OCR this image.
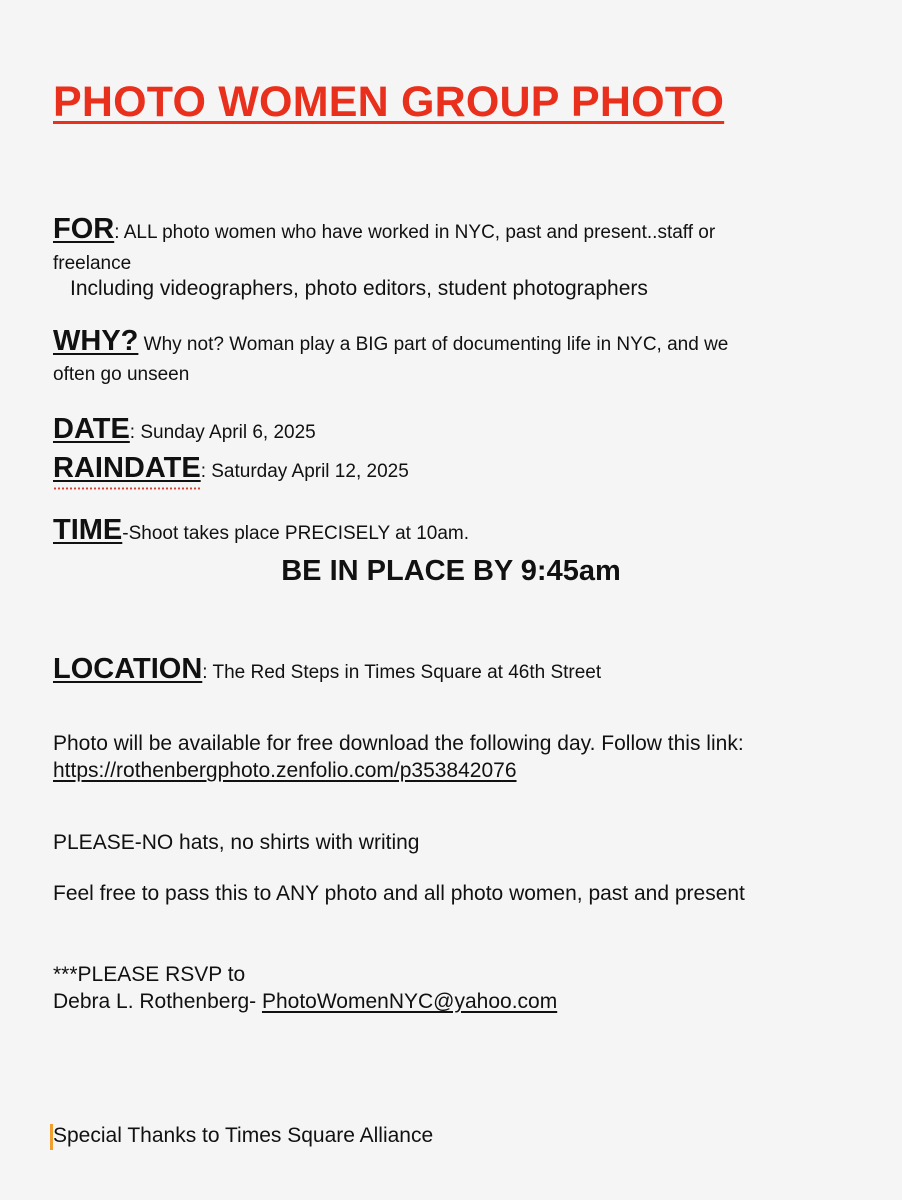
PHOTO WOMEN GROUP PHOTO
FOR: ALL photo women who have worked in NYC, past and present..staff or
freelance
Including videographers, photo editors, student photographers
WHY? Why not? Woman play a BIG part of documenting life in NYC, and we
often go unseen
DATE: Sunday April 6, 2025
RAINDATE
: Saturday April 12, 2025
TIME-Shoot takes place PRECISELY at 10am.
BE IN PLACE BY 9:45am
LOCATION: The Red Steps in Times Square at 46th Street
Photo will be available for free download the following day. Follow this link:
https://rothenbergphoto.zenfolio.com/p353842076
PLEASE-NO hats, no shirts with writing
Feel free to pass this to ANY photo and all photo women, past and present
***PLEASE RSVP to
Debra L. Rothenberg- PhotoWomenNYC@yahoo.com
Special Thanks to Times Square Alliance
